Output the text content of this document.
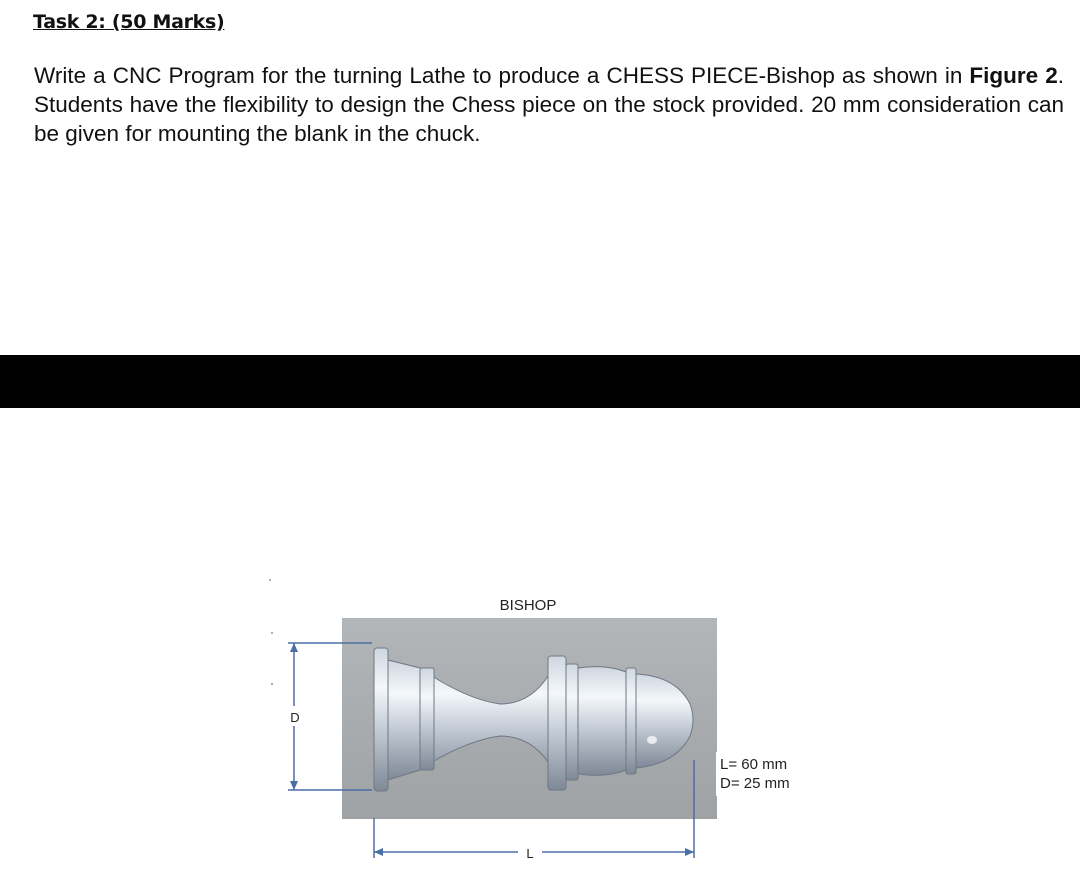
Task 2: (50 Marks)

Write a CNC Program for the turning Lathe to produce a CHESS PIECE-Bishop as shown in Figure 2. Students have the flexibility to design the Chess piece on the stock provided. 20 mm consideration can be given for mounting the blank in the chuck.

BISHOP
D
L
L= 60 mm
D= 25 mm
